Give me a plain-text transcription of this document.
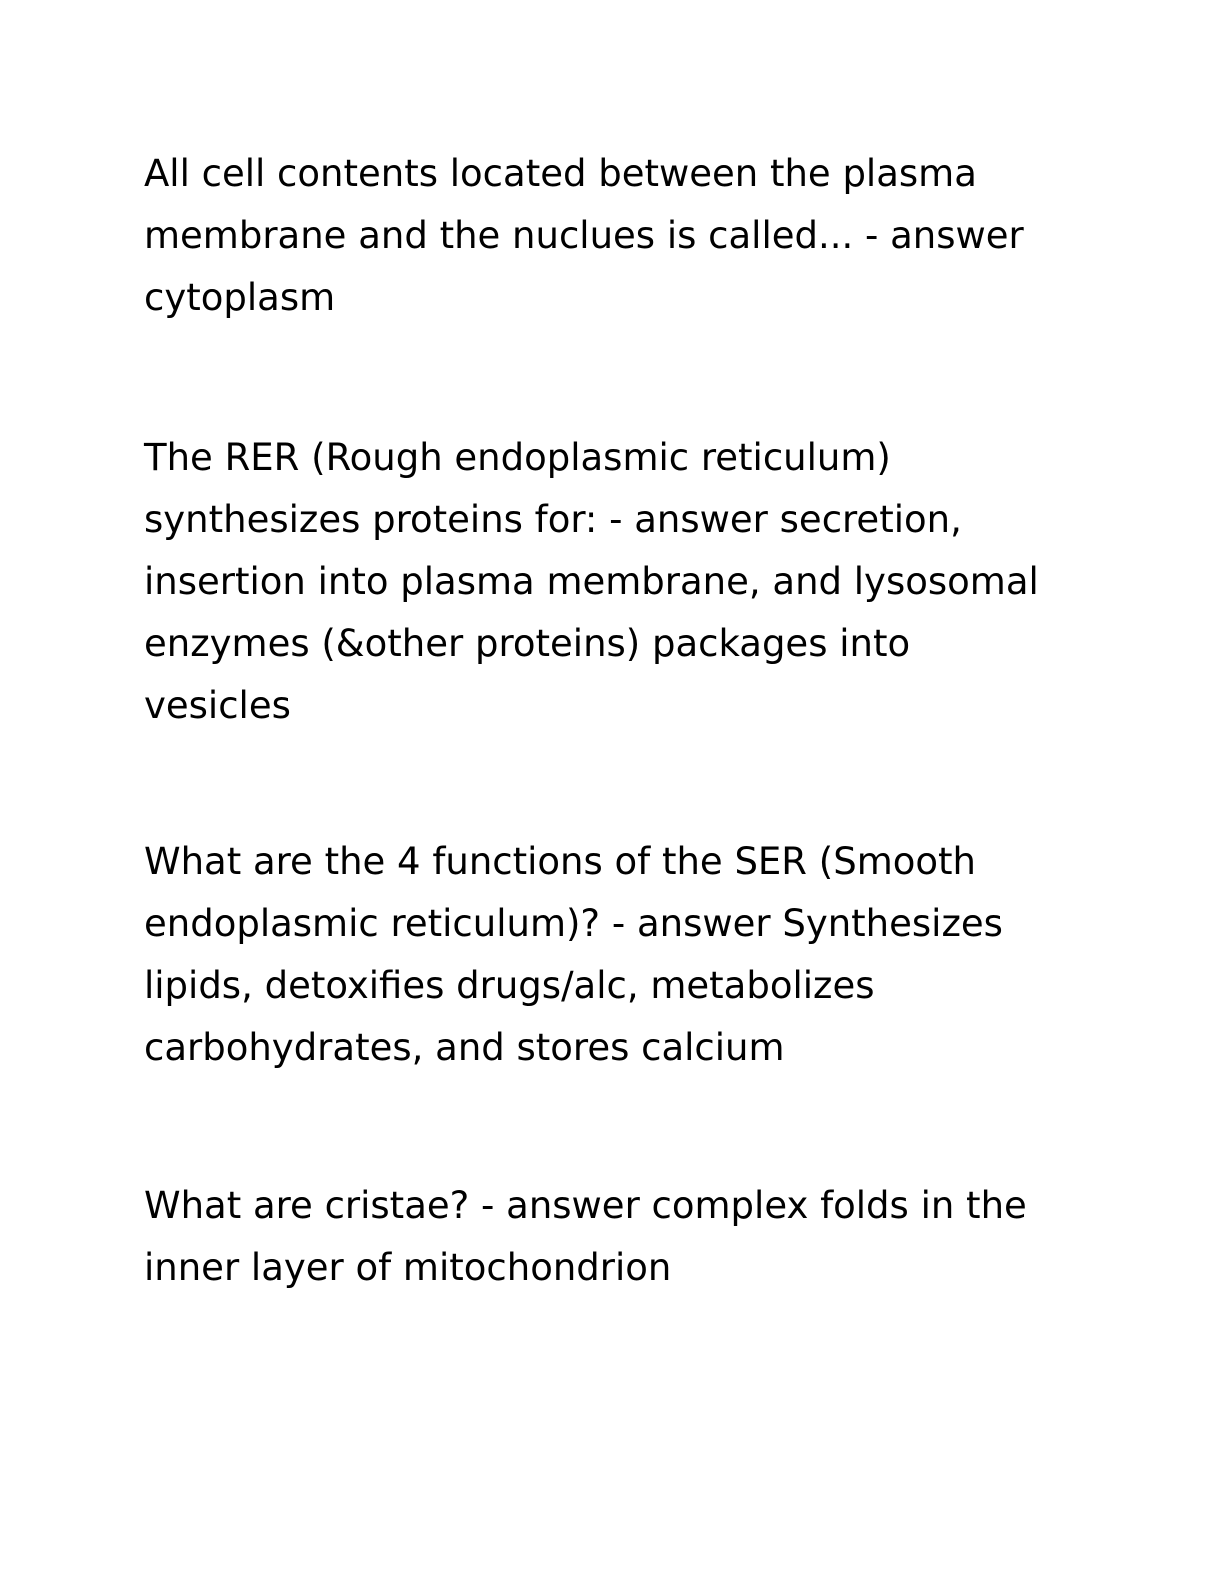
All cell contents located between the plasma
membrane and the nuclues is called... - answer
cytoplasm

The RER (Rough endoplasmic reticulum)
synthesizes proteins for: - answer secretion,
insertion into plasma membrane, and lysosomal
enzymes (&other proteins) packages into
vesicles

What are the 4 functions of the SER (Smooth
endoplasmic reticulum)? - answer Synthesizes
lipids, detoxifies drugs/alc, metabolizes
carbohydrates, and stores calcium

What are cristae? - answer complex folds in the
inner layer of mitochondrion
